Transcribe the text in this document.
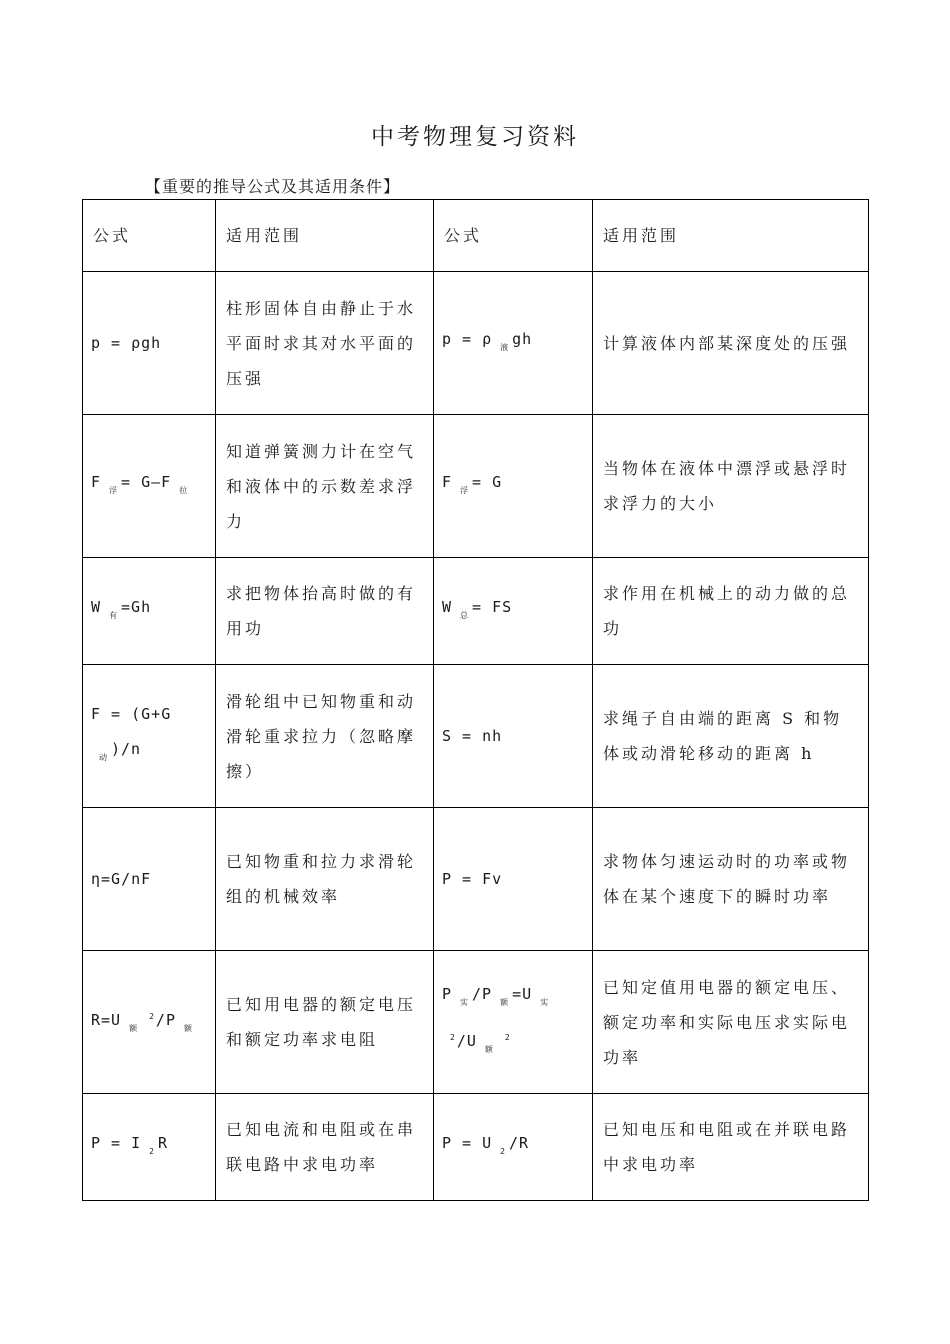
中考物理复习资料
【重要的推导公式及其适用条件】
公式	适用范围	公式	适用范围
p = ρgh	柱形固体自由静止于水平面时求其对水平面的压强	p = ρ $_液$ gh	计算液体内部某深度处的压强
F $_浮$ = G—F $_拉$	知道弹簧测力计在空气和液体中的示数差求浮力	F $_浮$ = G	当物体在液体中漂浮或悬浮时求浮力的大小
W $_有$ =Gh	求把物体抬高时做的有用功	W $_总$ = FS	求作用在机械上的动力做的总功
$F = (G+G_动$ )/n	滑轮组中已知物重和动滑轮重求拉力（忽略摩擦）	S = nh	求绳子自由端的距离 S 和物体或动滑轮移动的距离 h
η=G/nF	已知物重和拉力求滑轮组的机械效率	P = Fv	求物体匀速运动时的功率或物体在某个速度下的瞬时功率
R=U $_额^2$ /P $_额$	已知用电器的额定电压和额定功率求电阻	P $_实$ /P $_额$ =U $_实^2$ /U $_额^2$	已知定值用电器的额定电压、额定功率和实际电压求实际电功率
P = I $_2$ R	已知电流和电阻或在串联电路中求电功率	P = U $_2$ /R	已知电压和电阻或在并联电路中求电功率
